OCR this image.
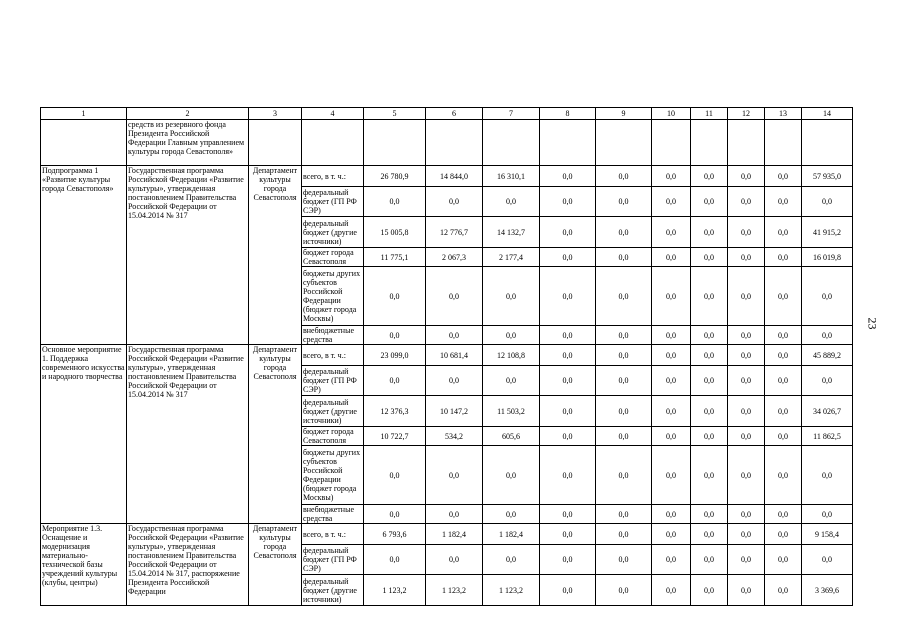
1	2	3	4	5	6	7	8	9	10	11	12	13	14
	средств из резервного фонда Президента Российской Федерации Главным управлением культуры города Севастополя»												
Подпрограмма 1 «Развитие культуры города Севастополя»	Государственная программа Российской Федерации «Развитие культуры», утвержденная постановлением Правительства Российской Федерации от 15.04.2014 № 317	Департамент культуры города Севастополя	всего, в т. ч.:	26 780,9	14 844,0	16 310,1	0,0	0,0	0,0	0,0	0,0	0,0	57 935,0
			федеральный бюджет (ГП РФ СЭР)	0,0	0,0	0,0	0,0	0,0	0,0	0,0	0,0	0,0	0,0
			федеральный бюджет (другие источники)	15 005,8	12 776,7	14 132,7	0,0	0,0	0,0	0,0	0,0	0,0	41 915,2
			бюджет города Севастополя	11 775,1	2 067,3	2 177,4	0,0	0,0	0,0	0,0	0,0	0,0	16 019,8
			бюджеты других субъектов Российской Федерации (бюджет города Москвы)	0,0	0,0	0,0	0,0	0,0	0,0	0,0	0,0	0,0	0,0
			внебюджетные средства	0,0	0,0	0,0	0,0	0,0	0,0	0,0	0,0	0,0	0,0
Основное мероприятие 1. Поддержка современного искусства и народного творчества	Государственная программа Российской Федерации «Развитие культуры», утвержденная постановлением Правительства Российской Федерации от 15.04.2014 № 317	Департамент культуры города Севастополя	всего, в т. ч.:	23 099,0	10 681,4	12 108,8	0,0	0,0	0,0	0,0	0,0	0,0	45 889,2
			федеральный бюджет (ГП РФ СЭР)	0,0	0,0	0,0	0,0	0,0	0,0	0,0	0,0	0,0	0,0
			федеральный бюджет (другие источники)	12 376,3	10 147,2	11 503,2	0,0	0,0	0,0	0,0	0,0	0,0	34 026,7
			бюджет города Севастополя	10 722,7	534,2	605,6	0,0	0,0	0,0	0,0	0,0	0,0	11 862,5
			бюджеты других субъектов Российской Федерации (бюджет города Москвы)	0,0	0,0	0,0	0,0	0,0	0,0	0,0	0,0	0,0	0,0
			внебюджетные средства	0,0	0,0	0,0	0,0	0,0	0,0	0,0	0,0	0,0	0,0
Мероприятие 1.3. Оснащение и модернизация материально-технической базы учреждений культуры (клубы, центры)	Государственная программа Российской Федерации «Развитие культуры», утвержденная постановлением Правительства Российской Федерации от 15.04.2014 № 317, распоряжение Президента Российской Федерации	Департамент культуры города Севастополя	всего, в т. ч.:	6 793,6	1 182,4	1 182,4	0,0	0,0	0,0	0,0	0,0	0,0	9 158,4
			федеральный бюджет (ГП РФ СЭР)	0,0	0,0	0,0	0,0	0,0	0,0	0,0	0,0	0,0	0,0
			федеральный бюджет (другие источники)	1 123,2	1 123,2	1 123,2	0,0	0,0	0,0	0,0	0,0	0,0	3 369,6
23
